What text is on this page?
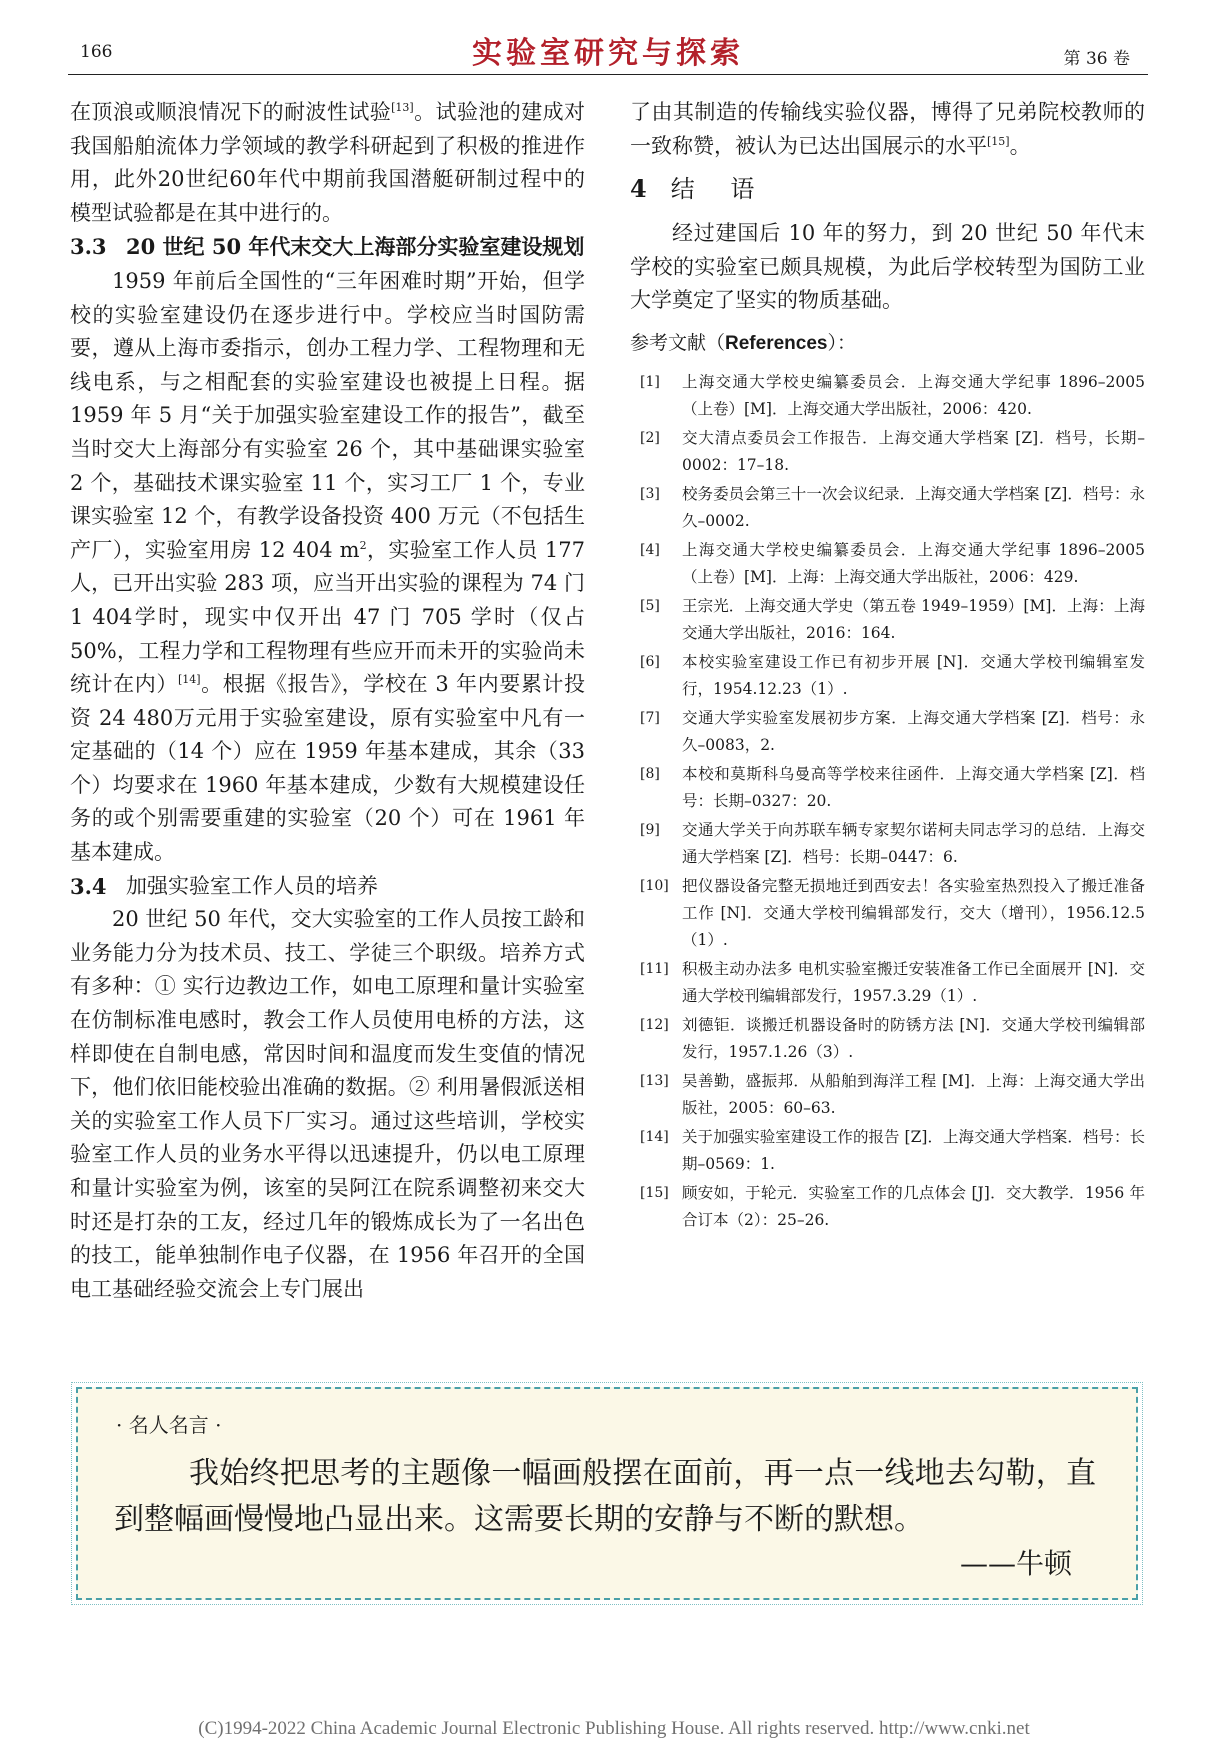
166	实验室研究与探索	第 36 卷

在顶浪或顺浪情况下的耐波性试验[13]。试验池的建成对我国船舶流体力学领域的教学科研起到了积极的推进作用，此外20世纪60年代中期前我国潜艇研制过程中的模型试验都是在其中进行的。

3.3 20 世纪 50 年代末交大上海部分实验室建设规划

1959 年前后全国性的“三年困难时期”开始，但学校的实验室建设仍在逐步进行中。学校应当时国防需要，遵从上海市委指示，创办工程力学、工程物理和无线电系，与之相配套的实验室建设也被提上日程。据 1959 年 5 月“关于加强实验室建设工作的报告”，截至当时交大上海部分有实验室 26 个，其中基础课实验室 2 个，基础技术课实验室 11 个，实习工厂 1 个，专业课实验室 12 个，有教学设备投资 400 万元（不包括生产厂），实验室用房 12 404 m$^2$，实验室工作人员 177 人，已开出实验 283 项，应当开出实验的课程为 74 门 1 404学时，现实中仅开出 47 门 705 学时（仅占 50%，工程力学和工程物理有些应开而未开的实验尚未统计在内）[14]。根据《报告》，学校在 3 年内要累计投资 24 480万元用于实验室建设，原有实验室中凡有一定基础的（14 个）应在 1959 年基本建成，其余（33 个）均要求在 1960 年基本建成，少数有大规模建设任务的或个别需要重建的实验室（20 个）可在 1961 年基本建成。

3.4 加强实验室工作人员的培养

20 世纪 50 年代，交大实验室的工作人员按工龄和业务能力分为技术员、技工、学徒三个职级。培养方式有多种：① 实行边教边工作，如电工原理和量计实验室在仿制标准电感时，教会工作人员使用电桥的方法，这样即使在自制电感，常因时间和温度而发生变值的情况下，他们依旧能校验出准确的数据。② 利用暑假派送相关的实验室工作人员下厂实习。通过这些培训，学校实验室工作人员的业务水平得以迅速提升，仍以电工原理和量计实验室为例，该室的吴阿江在院系调整初来交大时还是打杂的工友，经过几年的锻炼成长为了一名出色的技工，能单独制作电子仪器，在 1956 年召开的全国电工基础经验交流会上专门展出

了由其制造的传输线实验仪器，博得了兄弟院校教师的一致称赞，被认为已达出国展示的水平[15]。

4 结 语

经过建国后 10 年的努力，到 20 世纪 50 年代末学校的实验室已颇具规模，为此后学校转型为国防工业大学奠定了坚实的物质基础。

参考文献（References）：
[1] 上海交通大学校史编纂委员会．上海交通大学纪事 1896–2005（上卷）[M]．上海交通大学出版社，2006：420.
[2] 交大清点委员会工作报告．上海交通大学档案 [Z]．档号，长期–0002：17–18.
[3] 校务委员会第三十一次会议纪录．上海交通大学档案 [Z]．档号：永久–0002.
[4] 上海交通大学校史编纂委员会．上海交通大学纪事 1896–2005（上卷）[M]．上海：上海交通大学出版社，2006：429.
[5] 王宗光．上海交通大学史（第五卷 1949–1959）[M]．上海：上海交通大学出版社，2016：164.
[6] 本校实验室建设工作已有初步开展 [N]．交通大学校刊编辑室发行，1954.12.23（1）.
[7] 交通大学实验室发展初步方案．上海交通大学档案 [Z]．档号：永久–0083，2.
[8] 本校和莫斯科乌曼高等学校来往函件．上海交通大学档案 [Z]．档号：长期–0327：20.
[9] 交通大学关于向苏联车辆专家契尔诺柯夫同志学习的总结．上海交通大学档案 [Z]．档号：长期–0447：6.
[10] 把仪器设备完整无损地迁到西安去！各实验室热烈投入了搬迁准备工作 [N]．交通大学校刊编辑部发行，交大（增刊），1956.12.5（1）.
[11] 积极主动办法多 电机实验室搬迁安装准备工作已全面展开 [N]．交通大学校刊编辑部发行，1957.3.29（1）.
[12] 刘德钜．谈搬迁机器设备时的防锈方法 [N]．交通大学校刊编辑部发行，1957.1.26（3）.
[13] 吴善勤，盛振邦．从船舶到海洋工程 [M]．上海：上海交通大学出版社，2005：60–63.
[14] 关于加强实验室建设工作的报告 [Z]．上海交通大学档案．档号：长期–0569：1.
[15] 顾安如，于轮元．实验室工作的几点体会 [J]．交大教学．1956 年合订本（2）：25–26.
· 名人名言 ·
我始终把思考的主题像一幅画般摆在面前，再一点一线地去勾勒，直到整幅画慢慢地凸显出来。这需要长期的安静与不断的默想。
——牛顿
(C)1994-2022 China Academic Journal Electronic Publishing House. All rights reserved. http://www.cnki.net
